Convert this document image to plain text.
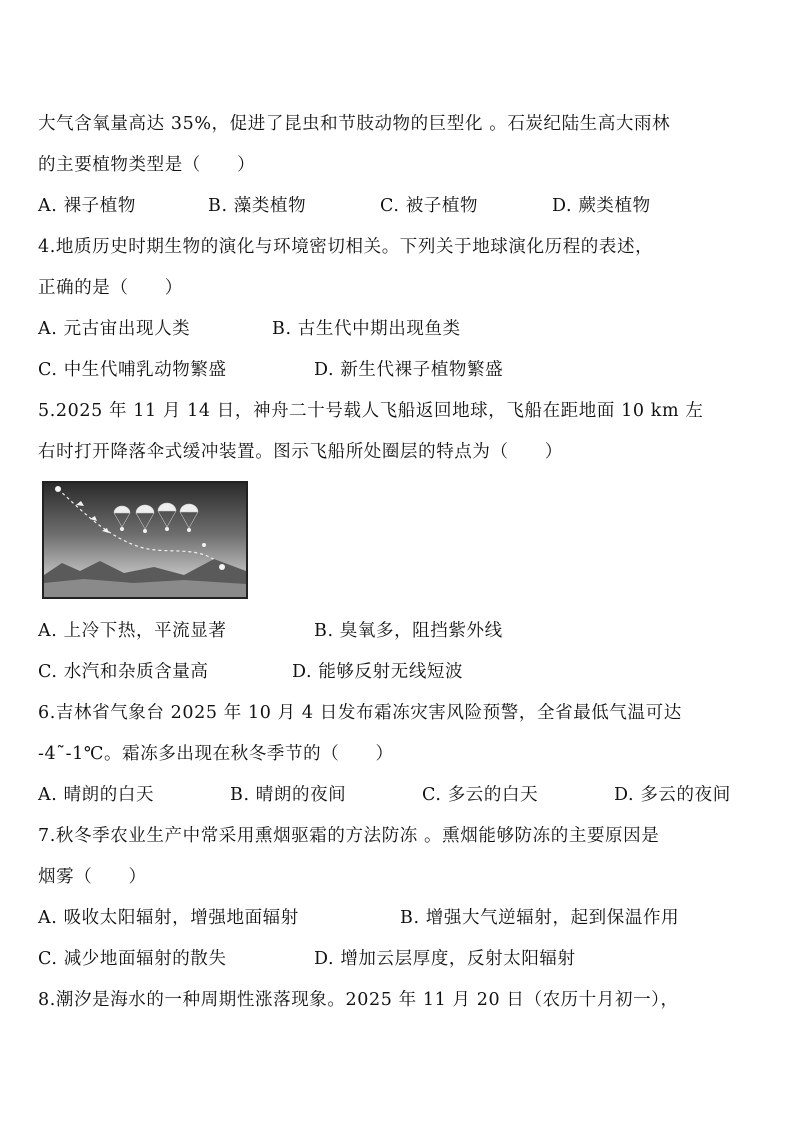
大气含氧量高达 35%，促进了昆虫和节肢动物的巨型化 。石炭纪陆生高大雨林
的主要植物类型是（　　）
A. 裸子植物	B. 藻类植物	C. 被子植物	D. 蕨类植物
4.地质历史时期生物的演化与环境密切相关。下列关于地球演化历程的表述，
正确的是（　　）
A. 元古宙出现人类	B. 古生代中期出现鱼类
C. 中生代哺乳动物繁盛	D. 新生代裸子植物繁盛
5.2025 年 11 月 14 日，神舟二十号载人飞船返回地球，飞船在距地面 10 km 左
右时打开降落伞式缓冲装置。图示飞船所处圈层的特点为（　　）
A. 上冷下热，平流显著	B. 臭氧多，阻挡紫外线
C. 水汽和杂质含量高	D. 能够反射无线短波
6.吉林省气象台 2025 年 10 月 4 日发布霜冻灾害风险预警，全省最低气温可达
-4˜-1℃。霜冻多出现在秋冬季节的（　　）
A. 晴朗的白天	B. 晴朗的夜间	C. 多云的白天	D. 多云的夜间
7.秋冬季农业生产中常采用熏烟驱霜的方法防冻 。熏烟能够防冻的主要原因是
烟雾（　　）
A. 吸收太阳辐射，增强地面辐射	B. 增强大气逆辐射，起到保温作用
C. 减少地面辐射的散失	D. 增加云层厚度，反射太阳辐射
8.潮汐是海水的一种周期性涨落现象。2025 年 11 月 20 日（农历十月初一），
